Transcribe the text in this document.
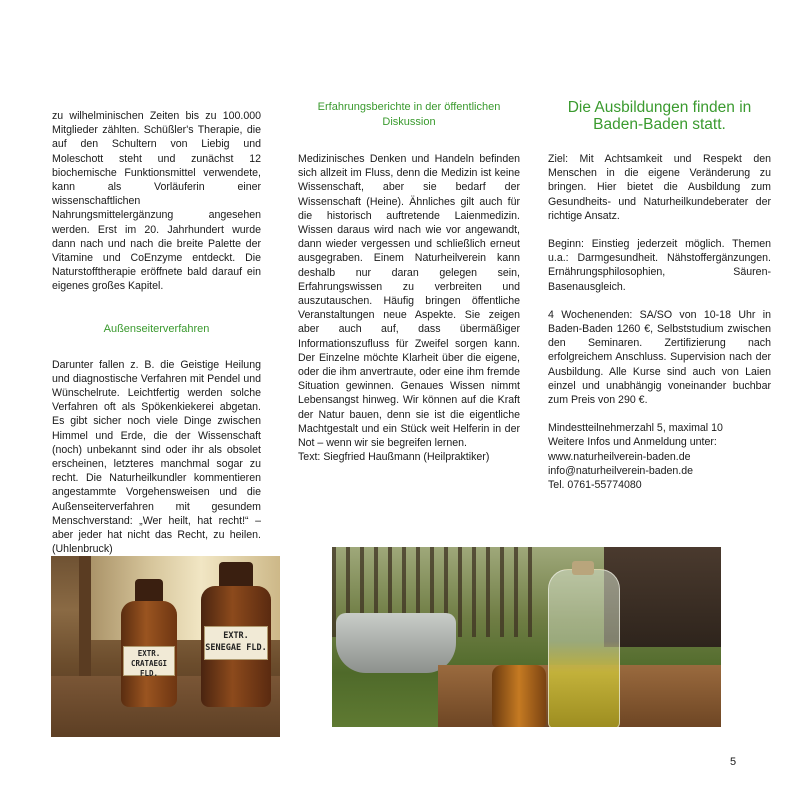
zu wilhelminischen Zeiten bis zu 100.000 Mitglieder zählten. Schüßler's Therapie, die auf den Schultern von Liebig und Moleschott steht und zunächst 12 biochemische Funktionsmittel verwendete, kann als Vorläuferin einer wissenschaftlichen Nahrungsmittelergänzung angesehen werden. Erst im 20. Jahrhundert wurde dann nach und nach die breite Palette der Vitamine und CoEnzyme entdeckt. Die Naturstofftherapie eröffnete bald darauf ein eigenes großes Kapitel.

Außenseiterverfahren

Darunter fallen z. B. die Geistige Heilung und diagnostische Verfahren mit Pendel und Wünschelrute. Leichtfertig werden solche Verfahren oft als Spökenkiekerei abgetan. Es gibt sicher noch viele Dinge zwischen Himmel und Erde, die der Wissenschaft (noch) unbekannt sind oder ihr als obsolet erscheinen, letzteres manchmal sogar zu recht. Die Naturheilkundler kommentieren angestammte Vorgehensweisen und die Außenseiterverfahren mit gesundem Menschverstand: „Wer heilt, hat recht!“ – aber jeder hat nicht das Recht, zu heilen. (Uhlenbruck)

Erfahrungsberichte in der öffentlichen
Diskussion

Medizinisches Denken und Handeln befinden sich allzeit im Fluss, denn die Medizin ist keine Wissenschaft, aber sie bedarf der Wissenschaft (Heine). Ähnliches gilt auch für die historisch auftretende Laienmedizin. Wissen daraus wird nach wie vor angewandt, dann wieder vergessen und schließlich erneut ausgegraben. Einem Naturheilverein kann deshalb nur daran gelegen sein, Erfahrungswissen zu verbreiten und auszutauschen. Häufig bringen öffentliche Veranstaltungen neue Aspekte. Sie zeigen aber auch auf, dass übermäßiger Informationszufluss für Zweifel sorgen kann. Der Einzelne möchte Klarheit über die eigene, oder die ihm anvertraute, oder eine ihm fremde Situation gewinnen. Genaues Wissen nimmt Lebensangst hinweg. Wir können auf die Kraft der Natur bauen, denn sie ist die eigentliche Machtgestalt und ein Stück weit Helferin in der Not – wenn wir sie begreifen lernen.

Text: Siegfried Haußmann (Heilpraktiker)

Die Ausbildungen finden in
Baden-Baden statt.

Ziel: Mit Achtsamkeit und Respekt den Menschen in die eigene Veränderung zu bringen. Hier bietet die Ausbildung zum Gesundheits- und Naturheilkundeberater der richtige Ansatz.

Beginn: Einstieg jederzeit möglich. Themen u.a.: Darmgesundheit. Nähstoffergänzungen. Ernährungsphilosophien, Säuren-Basenausgleich.

4 Wochenenden: SA/SO von 10-18 Uhr in Baden-Baden 1260 €, Selbststudium zwischen den Seminaren. Zertifizierung nach erfolgreichem Anschluss. Supervision nach der Ausbildung. Alle Kurse sind auch von Laien einzel und unabhängig voneinander buchbar zum Preis von 290 €.

Mindestteilnehmerzahl 5, maximal 10

Weitere Infos und Anmeldung unter:

www.naturheilverein-baden.de

info@naturheilverein-baden.de

Tel. 0761-55774080

EXTR.
CRATAEGI FLD.
EXTR.
SENEGAE FLD.
5
